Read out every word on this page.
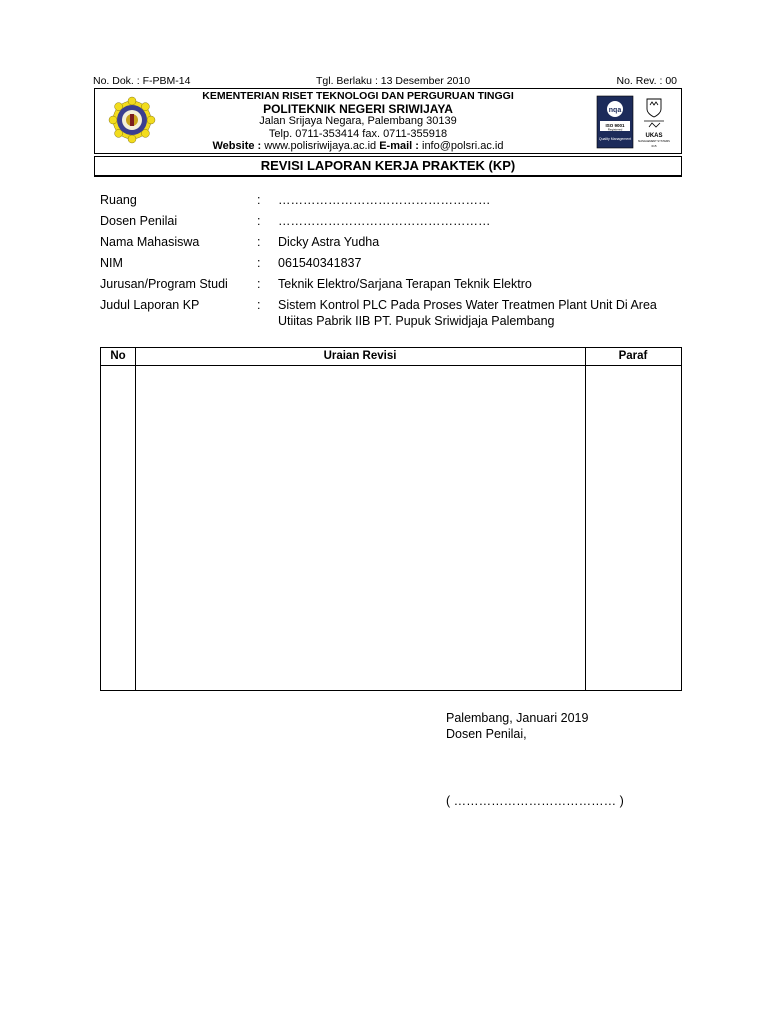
No. Dok. : F-PBM-14	Tgl. Berlaku : 13 Desember 2010	No. Rev. : 00
KEMENTERIAN RISET TEKNOLOGI DAN PERGURUAN TINGGI
POLITEKNIK NEGERI SRIWIJAYA
Jalan Srijaya Negara, Palembang 30139
Telp. 0711-353414 fax. 0711-355918
Website : www.polisriwijaya.ac.id E-mail : info@polsri.ac.id
nqa
ISO 9001
Registered
Quality Management UKAS
MANAGEMENT SYSTEMS
015
REVISI LAPORAN KERJA PRAKTEK (KP)
Ruang	: ……………………………………………
Dosen Penilai	: ……………………………………………
Nama Mahasiswa	: Dicky Astra Yudha
NIM	: 061540341837
Jurusan/Program Studi	: Teknik Elektro/Sarjana Terapan Teknik Elektro
Judul Laporan KP	: Sistem Kontrol PLC Pada Proses Water Treatmen Plant Unit Di Area
Utiitas Pabrik IIB PT. Pupuk Sriwidjaja Palembang
No	Uraian Revisi	Paraf
Palembang, Januari 2019
Dosen Penilai,
( ………………………………… )
